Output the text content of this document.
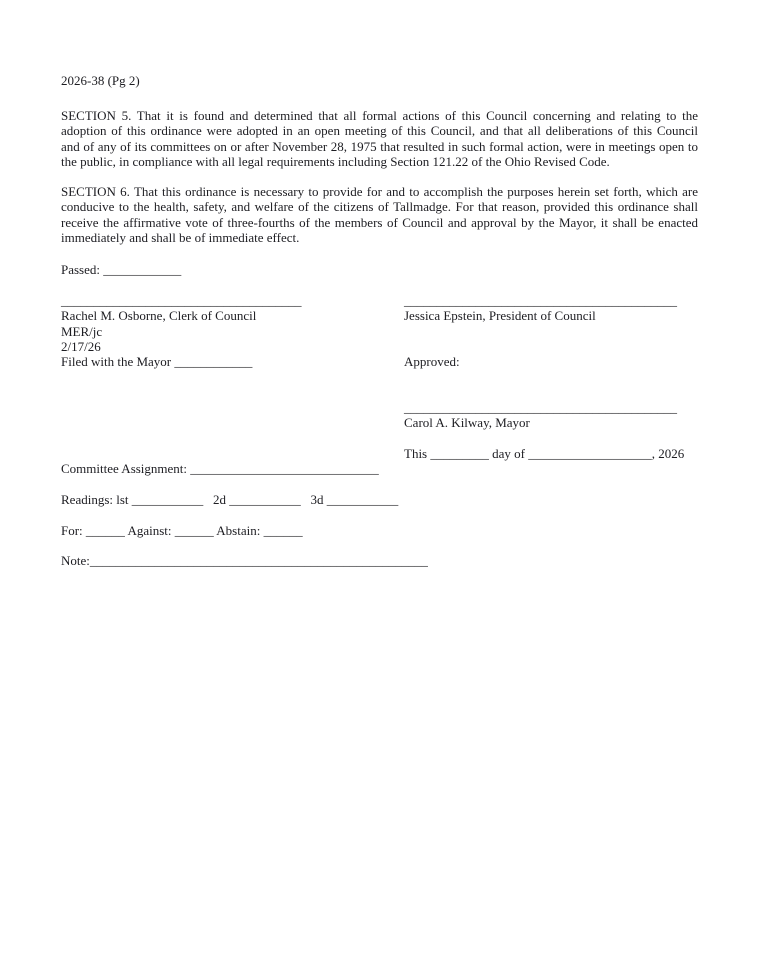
2026-38 (Pg 2)
SECTION 5. That it is found and determined that all formal actions of this Council concerning and relating to the
adoption of this ordinance were adopted in an open meeting of this Council, and that all deliberations of this Council
and of any of its committees on or after November 28, 1975 that resulted in such formal action, were in meetings open to
the public, in compliance with all legal requirements including Section 121.22 of the Ohio Revised Code.
SECTION 6. That this ordinance is necessary to provide for and to accomplish the purposes herein set forth, which are
conducive to the health, safety, and welfare of the citizens of Tallmadge. For that reason, provided this ordinance shall
receive the affirmative vote of three-fourths of the members of Council and approval by the Mayor, it shall be enacted
immediately and shall be of immediate effect.
Passed: ____________
_____________________________________
Rachel M. Osborne, Clerk of Council
MER/jc
2/17/26
Filed with the Mayor ____________
__________________________________________
Jessica Epstein, President of Council
Approved:
__________________________________________
Carol A. Kilway, Mayor
This _________ day of ___________________, 2026
Committee Assignment: _____________________________
Readings: lst ___________   2d ___________   3d ___________
For: ______ Against: ______ Abstain: ______
Note:____________________________________________________
